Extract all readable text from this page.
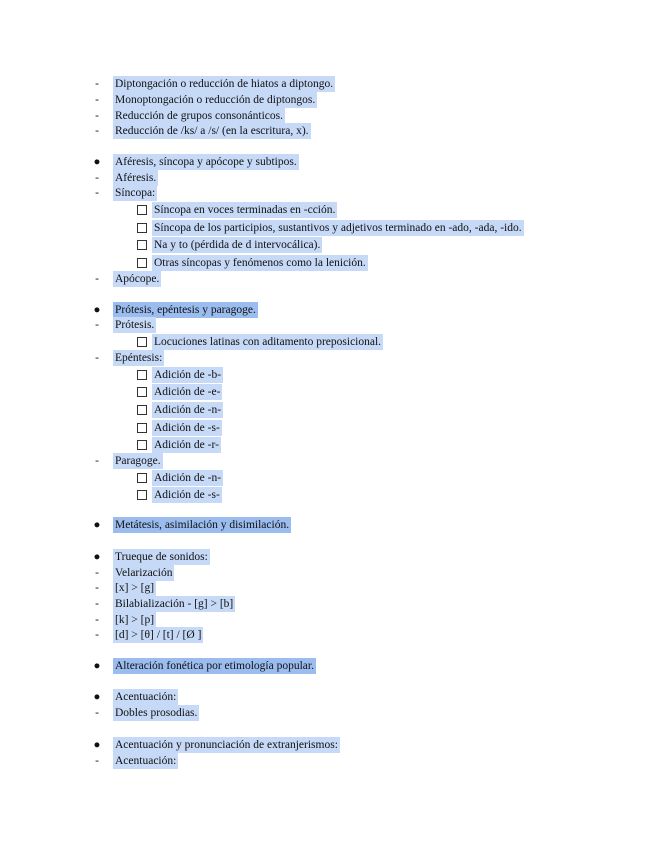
-	Diptongación o reducción de hiatos a diptongo.
-	Monoptongación o reducción de diptongos.
-	Reducción de grupos consonánticos.
-	Reducción de /ks/ a /s/ (en la escritura, x).
●	Aféresis, síncopa y apócope y subtipos.
-	Aféresis.
-	Síncopa:
Síncopa en voces terminadas en -cción.
Síncopa de los participios, sustantivos y adjetivos terminado en -ado, -ada, -ido.
Na y to (pérdida de d intervocálica).
Otras síncopas y fenómenos como la lenición.
-	Apócope.
●	Prótesis, epéntesis y paragoge.
-	Prótesis.
Locuciones latinas con aditamento preposicional.
-	Epéntesis:
Adición de -b-
Adición de -e-
Adición de -n-
Adición de -s-
Adición de -r-
-	Paragoge.
Adición de -n-
Adición de -s-
●	Metátesis, asimilación y disimilación.
●	Trueque de sonidos:
-	Velarización
-	[x] > [g]
-	Bilabialización - [g] > [b]
-	[k] > [p]
-	[d] > [θ] / [t] / [Ø ]
●	Alteración fonética por etimología popular.
●	Acentuación:
-	Dobles prosodias.
●	Acentuación y pronunciación de extranjerismos:
-	Acentuación:
